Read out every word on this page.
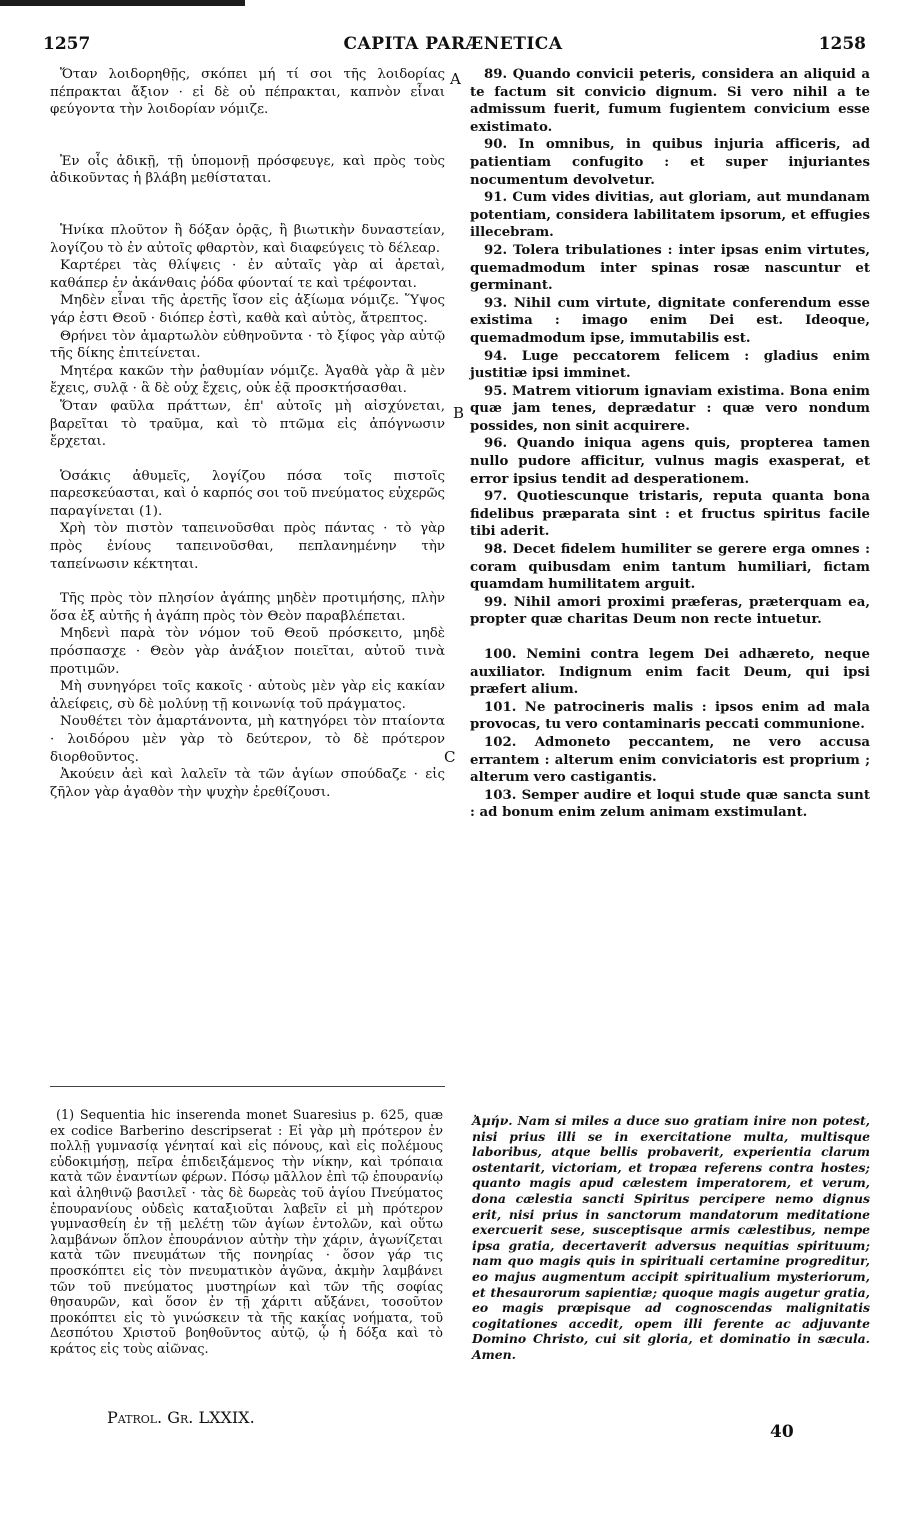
1257	CAPITA PARÆNETICA	1258
A
B
C

Ὅταν λοιδορηθῇς, σκόπει μή τί σοι τῆς λοιδορίας πέπρακται ἄξιον · εἰ δὲ οὐ πέπρακται, καπνὸν εἶναι φεύγοντα τὴν λοιδορίαν νόμιζε.

Ἐν οἷς ἀδικῇ, τῇ ὑπομονῇ πρόσφευγε, καὶ πρὸς τοὺς ἀδικοῦντας ἡ βλάβη μεθίσταται.

Ἡνίκα πλοῦτον ἢ δόξαν ὁρᾷς, ἢ βιωτικὴν δυναστείαν, λογίζου τὸ ἐν αὐτοῖς φθαρτὸν, καὶ διαφεύγεις τὸ δέλεαρ.

Καρτέρει τὰς θλίψεις · ἐν αὐταῖς γὰρ αἱ ἀρεταὶ, καθάπερ ἐν ἀκάνθαις ῥόδα φύονταί τε καὶ τρέφονται.

Μηδὲν εἶναι τῆς ἀρετῆς ἴσον εἰς ἀξίωμα νόμιζε. Ὕψος γάρ ἐστι Θεοῦ · διόπερ ἐστὶ, καθὰ καὶ αὐτὸς, ἄτρεπτος.

Θρήνει τὸν ἁμαρτωλὸν εὐθηνοῦντα · τὸ ξίφος γὰρ αὐτῷ τῆς δίκης ἐπιτείνεται.

Μητέρα κακῶν τὴν ῥαθυμίαν νόμιζε. Ἀγαθὰ γὰρ ἃ μὲν ἔχεις, συλᾷ · ἃ δὲ οὐχ ἔχεις, οὐκ ἐᾷ προσκτήσασθαι.

Ὅταν φαῦλα πράττων, ἐπ' αὐτοῖς μὴ αἰσχύνεται, βαρεῖται τὸ τραῦμα, καὶ τὸ πτῶμα εἰς ἀπόγνωσιν ἔρχεται.

Ὁσάκις ἀθυμεῖς, λογίζου πόσα τοῖς πιστοῖς παρεσκεύασται, καὶ ὁ καρπός σοι τοῦ πνεύματος εὐχερῶς παραγίνεται (1).

Χρὴ τὸν πιστὸν ταπεινοῦσθαι πρὸς πάντας · τὸ γὰρ πρὸς ἐνίους ταπεινοῦσθαι, πεπλανημένην τὴν ταπείνωσιν κέκτηται.

Τῆς πρὸς τὸν πλησίον ἀγάπης μηδὲν προτιμήσης, πλὴν ὅσα ἐξ αὐτῆς ἡ ἀγάπη πρὸς τὸν Θεὸν παραβλέπεται.

Μηδενὶ παρὰ τὸν νόμον τοῦ Θεοῦ πρόσκειτο, μηδὲ πρόσπασχε · Θεὸν γὰρ ἀνάξιον ποιεῖται, αὐτοῦ τινὰ προτιμῶν.

Μὴ συνηγόρει τοῖς κακοῖς · αὐτοὺς μὲν γὰρ εἰς κακίαν ἀλείφεις, σὺ δὲ μολύνῃ τῇ κοινωνίᾳ τοῦ πράγματος.

Νουθέτει τὸν ἁμαρτάνοντα, μὴ κατηγόρει τὸν πταίοντα · λοιδόρου μὲν γὰρ τὸ δεύτερον, τὸ δὲ πρότερον διορθοῦντος.

Ἀκούειν ἀεὶ καὶ λαλεῖν τὰ τῶν ἁγίων σπούδαζε · εἰς ζῆλον γὰρ ἀγαθὸν τὴν ψυχὴν ἐρεθίζουσι.

89. Quando convicii peteris, considera an aliquid a te factum sit convicio dignum. Si vero nihil a te admissum fuerit, fumum fugientem convicium esse existimato.

90. In omnibus, in quibus injuria afficeris, ad patientiam confugito : et super injuriantes nocumentum devolvetur.

91. Cum vides divitias, aut gloriam, aut mundanam potentiam, considera labilitatem ipsorum, et effugies illecebram.

92. Tolera tribulationes : inter ipsas enim virtutes, quemadmodum inter spinas rosæ nascuntur et germinant.

93. Nihil cum virtute, dignitate conferendum esse existima : imago enim Dei est. Ideoque, quemadmodum ipse, immutabilis est.

94. Luge peccatorem felicem : gladius enim justitiæ ipsi imminet.

95. Matrem vitiorum ignaviam existima. Bona enim quæ jam tenes, deprædatur : quæ vero nondum possides, non sinit acquirere.

96. Quando iniqua agens quis, propterea tamen nullo pudore afficitur, vulnus magis exasperat, et error ipsius tendit ad desperationem.

97. Quotiescunque tristaris, reputa quanta bona fidelibus præparata sint : et fructus spiritus facile tibi aderit.

98. Decet fidelem humiliter se gerere erga omnes : coram quibusdam enim tantum humiliari, fictam quamdam humilitatem arguit.

99. Nihil amori proximi præferas, præterquam ea, propter quæ charitas Deum non recte intuetur.

100. Nemini contra legem Dei adhæreto, neque auxiliator. Indignum enim facit Deum, qui ipsi præfert alium.

101. Ne patrocineris malis : ipsos enim ad mala provocas, tu vero contaminaris peccati communione.

102. Admoneto peccantem, ne vero accusa errantem : alterum enim conviciatoris est proprium ; alterum vero castigantis.

103. Semper audire et loqui stude quæ sancta sunt : ad bonum enim zelum animam exstimulant.

(1) Sequentia hic inserenda monet Suaresius p. 625, quæ ex codice Barberino descripserat : Εἰ γὰρ μὴ πρότερον ἐν πολλῇ γυμνασίᾳ γένηταί καὶ εἰς πόνους, καὶ εἰς πολέμους εὐδοκιμήσῃ, πεῖρα ἐπιδειξάμενος τὴν νίκην, καὶ τρόπαια κατὰ τῶν ἐναντίων φέρων. Πόσῳ μᾶλλον ἐπὶ τῷ ἐπουρανίῳ καὶ ἀληθινῷ βασιλεῖ · τὰς δὲ δωρεὰς τοῦ ἁγίου Πνεύματος ἐπουρανίους οὐδεὶς καταξιοῦται λαβεῖν εἰ μὴ πρότερον γυμνασθείη ἐν τῇ μελέτῃ τῶν ἁγίων ἐντολῶν, καὶ οὕτω λαμβάνων ὅπλον ἐπουράνιον αὐτὴν τὴν χάριν, ἀγωνίζεται κατὰ τῶν πνευμάτων τῆς πονηρίας · ὅσον γάρ τις προσκόπτει εἰς τὸν πνευματικὸν ἀγῶνα, ἀκμὴν λαμβάνει τῶν τοῦ πνεύματος μυστηρίων καὶ τῶν τῆς σοφίας θησαυρῶν, καὶ ὅσον ἐν τῇ χάριτι αὔξάνει, τοσοῦτον προκόπτει εἰς τὸ γινώσκειν τὰ τῆς κακίας νοήματα, τοῦ Δεσπότου Χριστοῦ βοηθοῦντος αὐτῷ, ᾧ ἡ δόξα καὶ τὸ κράτος εἰς τοὺς αἰῶνας.
Ἀμήν. Nam si miles a duce suo gratiam inire non potest, nisi prius illi se in exercitatione multa, multisque laboribus, atque bellis probaverit, experientia clarum ostentarit, victoriam, et tropæa referens contra hostes; quanto magis apud cælestem imperatorem, et verum, dona cælestia sancti Spiritus percipere nemo dignus erit, nisi prius in sanctorum mandatorum meditatione exercuerit sese, susceptisque armis cælestibus, nempe ipsa gratia, decertaverit adversus nequitias spirituum; nam quo magis quis in spirituali certamine progreditur, eo majus augmentum accipit spiritualium mysteriorum, et thesaurorum sapientiæ; quoque magis augetur gratia, eo magis prœpisque ad cognoscendas malignitatis cogitationes accedit, opem illi ferente ac adjuvante Domino Christo, cui sit gloria, et dominatio in sæcula. Amen.
Patrol. Gr. LXXIX.
40
